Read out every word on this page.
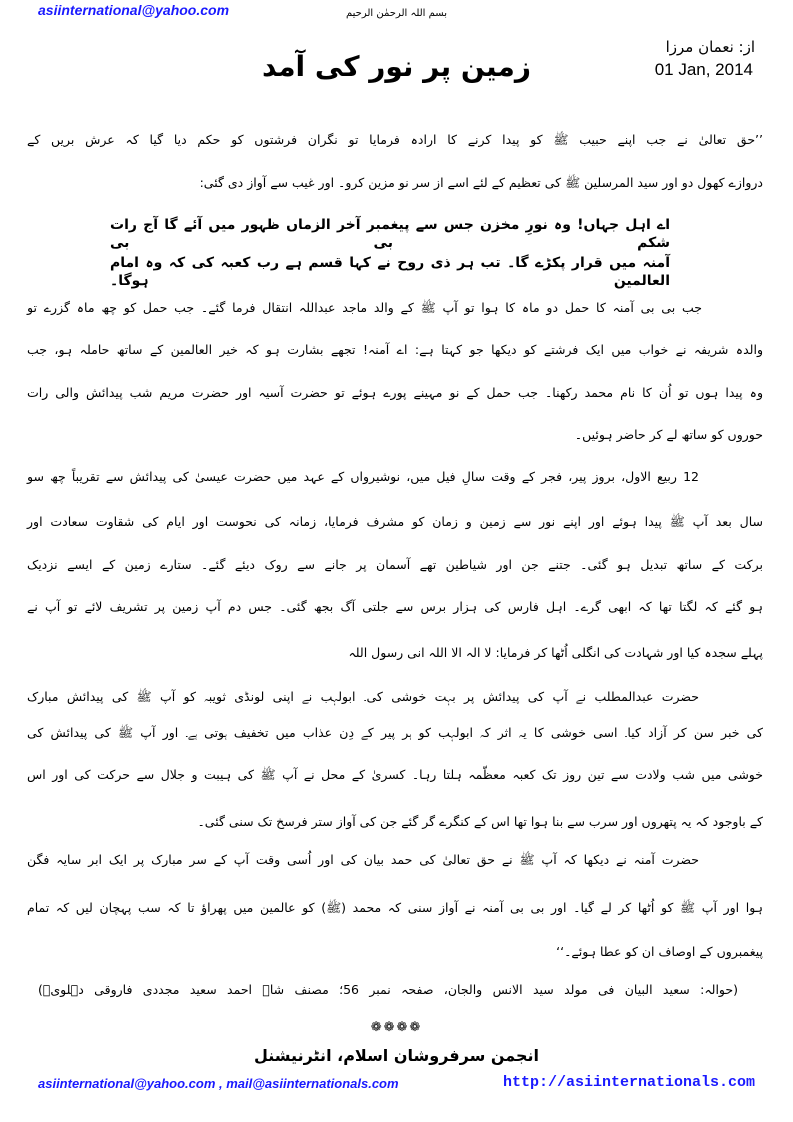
asiinternational@yahoo.com	بسم اللہ الرحمٰن الرحیم
از: نعمان مرزا
01 Jan, 2014
زمین پر نور کی آمد
’’حق تعالیٰ نے جب اپنے حبیب ﷺ کو پیدا کرنے کا ارادہ فرمایا تو نگران فرشتوں کو حکم دیا گیا کہ عرش بریں کے
دروازے کھول دو اور سید المرسلین ﷺ کی تعظیم کے لئے اسے از سر نو مزین کرو۔ اور غیب سے آواز دی گئی:
اے اہل جہاں! وہ نورِ مخزن جس سے پیغمبر آخر الزماں ظہور میں آئے گا آج رات شکم بی بی
آمنہ میں قرار پکڑے گا۔ تب ہر ذی روح نے کہا قسم ہے رب کعبہ کی کہ وہ امام العالمین ہوگا۔
جب بی بی آمنہ کا حمل دو ماہ کا ہوا تو آپ ﷺ کے والد ماجد عبداللہ انتقال فرما گئے۔ جب حمل کو چھ ماہ گزرے تو
والدہ شریفہ نے خواب میں ایک فرشتے کو دیکھا جو کہتا ہے: اے آمنہ! تجھے بشارت ہو کہ خیر العالمین کے ساتھ حاملہ ہو، جب
وہ پیدا ہوں تو اُن کا نام محمد رکھنا۔ جب حمل کے نو مہینے پورے ہوئے تو حضرت آسیہ اور حضرت مریم شب پیدائش والی رات
حوروں کو ساتھ لے کر حاضر ہوئیں۔
12 ربیع الاول، بروز پیر، فجر کے وقت سالِ فیل میں، نوشیرواں کے عہد میں حضرت عیسیٰ کی پیدائش سے تقریباً چھ سو
سال بعد آپ ﷺ پیدا ہوئے اور اپنے نور سے زمین و زمان کو مشرف فرمایا، زمانہ کی نحوست اور ایام کی شقاوت سعادت اور
برکت کے ساتھ تبدیل ہو گئی۔ جتنے جن اور شیاطین تھے آسمان پر جانے سے روک دیئے گئے۔ ستارے زمین کے ایسے نزدیک
ہو گئے کہ لگتا تھا کہ ابھی گرے۔ اہل فارس کی ہزار برس سے جلتی آگ بجھ گئی۔ جس دم آپ زمین پر تشریف لائے تو آپ نے
پہلے سجدہ کیا اور شہادت کی انگلی اُٹھا کر فرمایا: لا الہ الا اللہ انی رسول اللہ
حضرت عبدالمطلب نے آپ کی پیدائش پر بہت خوشی کی۔ ابولہب نے اپنی لونڈی ثویبہ کو آپ ﷺ کی پیدائش مبارک
کی خبر سن کر آزاد کیا۔ اسی خوشی کا یہ اثر کہ ابولہب کو ہر پیر کے دِن عذاب میں تخفیف ہوتی ہے۔ اور آپ ﷺ کی پیدائش کی
خوشی میں شب ولادت سے تین روز تک کعبہ معظّمہ ہلتا رہا۔ کسریٰ کے محل نے آپ ﷺ کی ہیبت و جلال سے حرکت کی اور اس
کے باوجود کہ یہ پتھروں اور سرب سے بنا ہوا تھا اس کے کنگرے گر گئے جن کی آواز ستر فرسخ تک سنی گئی۔
حضرت آمنہ نے دیکھا کہ آپ ﷺ نے حق تعالیٰ کی حمد بیان کی اور اُسی وقت آپ کے سر مبارک پر ایک ابر سایہ فگن
ہوا اور آپ ﷺ کو اُٹھا کر لے گیا۔ اور بی بی آمنہ نے آواز سنی کہ محمد (ﷺ) کو عالمین میں پھراؤ تا کہ سب پہچان لیں کہ تمام
پیغمبروں کے اوصاف ان کو عطا ہوئے۔‘‘
(حوالہ: سعید البیان فی مولد سید الانس والجان، صفحہ نمبر 56؛ مصنف شاہ احمد سعید مجددی فاروقی دہلویؒ)
❁❁❁❁
انجمن سرفروشان اسلام، انٹرنیشنل
asiinternational@yahoo.com , mail@asiinternationals.com	http://asiinternationals.com
